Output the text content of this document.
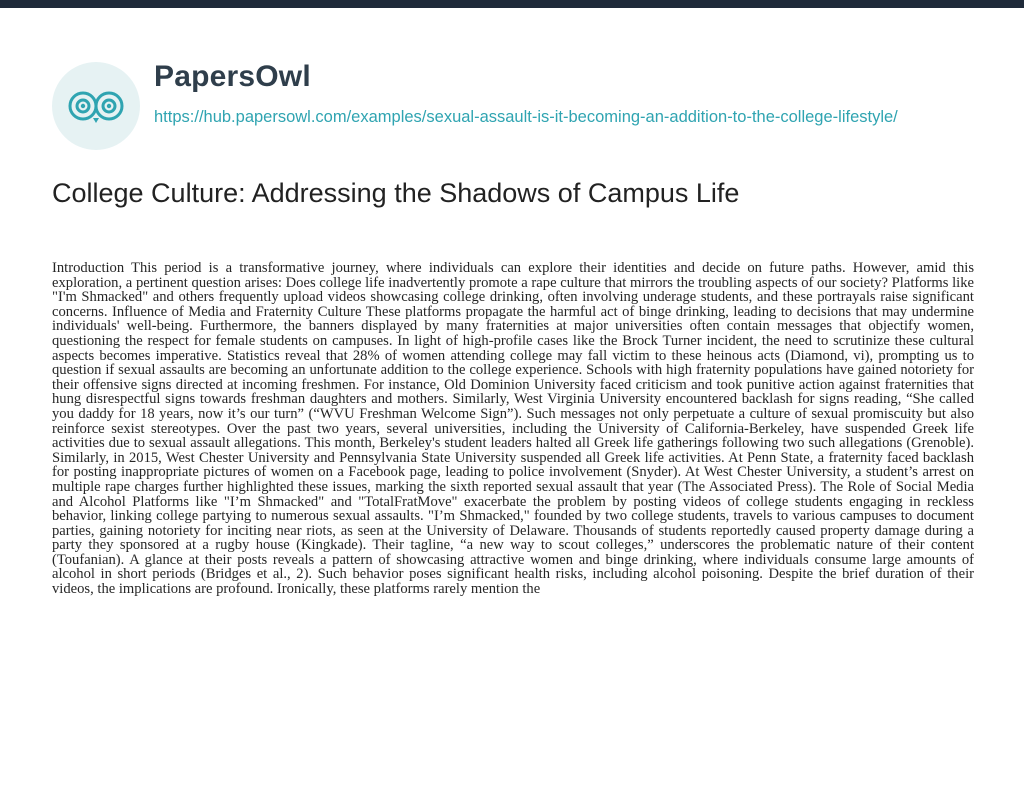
PapersOwl
https://hub.papersowl.com/examples/sexual-assault-is-it-becoming-an-addition-to-the-college-lifestyle/
College Culture: Addressing the Shadows of Campus Life

Introduction This period is a transformative journey, where individuals can explore their identities and decide on future paths. However, amid this exploration, a pertinent question arises: Does college life inadvertently promote a rape culture that mirrors the troubling aspects of our society? Platforms like "I'm Shmacked" and others frequently upload videos showcasing college drinking, often involving underage students, and these portrayals raise significant concerns. Influence of Media and Fraternity Culture These platforms propagate the harmful act of binge drinking, leading to decisions that may undermine individuals' well-being. Furthermore, the banners displayed by many fraternities at major universities often contain messages that objectify women, questioning the respect for female students on campuses. In light of high-profile cases like the Brock Turner incident, the need to scrutinize these cultural aspects becomes imperative. Statistics reveal that 28% of women attending college may fall victim to these heinous acts (Diamond, vi), prompting us to question if sexual assaults are becoming an unfortunate addition to the college experience. Schools with high fraternity populations have gained notoriety for their offensive signs directed at incoming freshmen. For instance, Old Dominion University faced criticism and took punitive action against fraternities that hung disrespectful signs towards freshman daughters and mothers. Similarly, West Virginia University encountered backlash for signs reading, “She called you daddy for 18 years, now it’s our turn” (“WVU Freshman Welcome Sign”). Such messages not only perpetuate a culture of sexual promiscuity but also reinforce sexist stereotypes. Over the past two years, several universities, including the University of California-Berkeley, have suspended Greek life activities due to sexual assault allegations. This month, Berkeley's student leaders halted all Greek life gatherings following two such allegations (Grenoble). Similarly, in 2015, West Chester University and Pennsylvania State University suspended all Greek life activities. At Penn State, a fraternity faced backlash for posting inappropriate pictures of women on a Facebook page, leading to police involvement (Snyder). At West Chester University, a student’s arrest on multiple rape charges further highlighted these issues, marking the sixth reported sexual assault that year (The Associated Press). The Role of Social Media and Alcohol Platforms like "I’m Shmacked" and "TotalFratMove" exacerbate the problem by posting videos of college students engaging in reckless behavior, linking college partying to numerous sexual assaults. "I’m Shmacked," founded by two college students, travels to various campuses to document parties, gaining notoriety for inciting near riots, as seen at the University of Delaware. Thousands of students reportedly caused property damage during a party they sponsored at a rugby house (Kingkade). Their tagline, “a new way to scout colleges,” underscores the problematic nature of their content (Toufanian). A glance at their posts reveals a pattern of showcasing attractive women and binge drinking, where individuals consume large amounts of alcohol in short periods (Bridges et al., 2). Such behavior poses significant health risks, including alcohol poisoning. Despite the brief duration of their videos, the implications are profound. Ironically, these platforms rarely mention the
